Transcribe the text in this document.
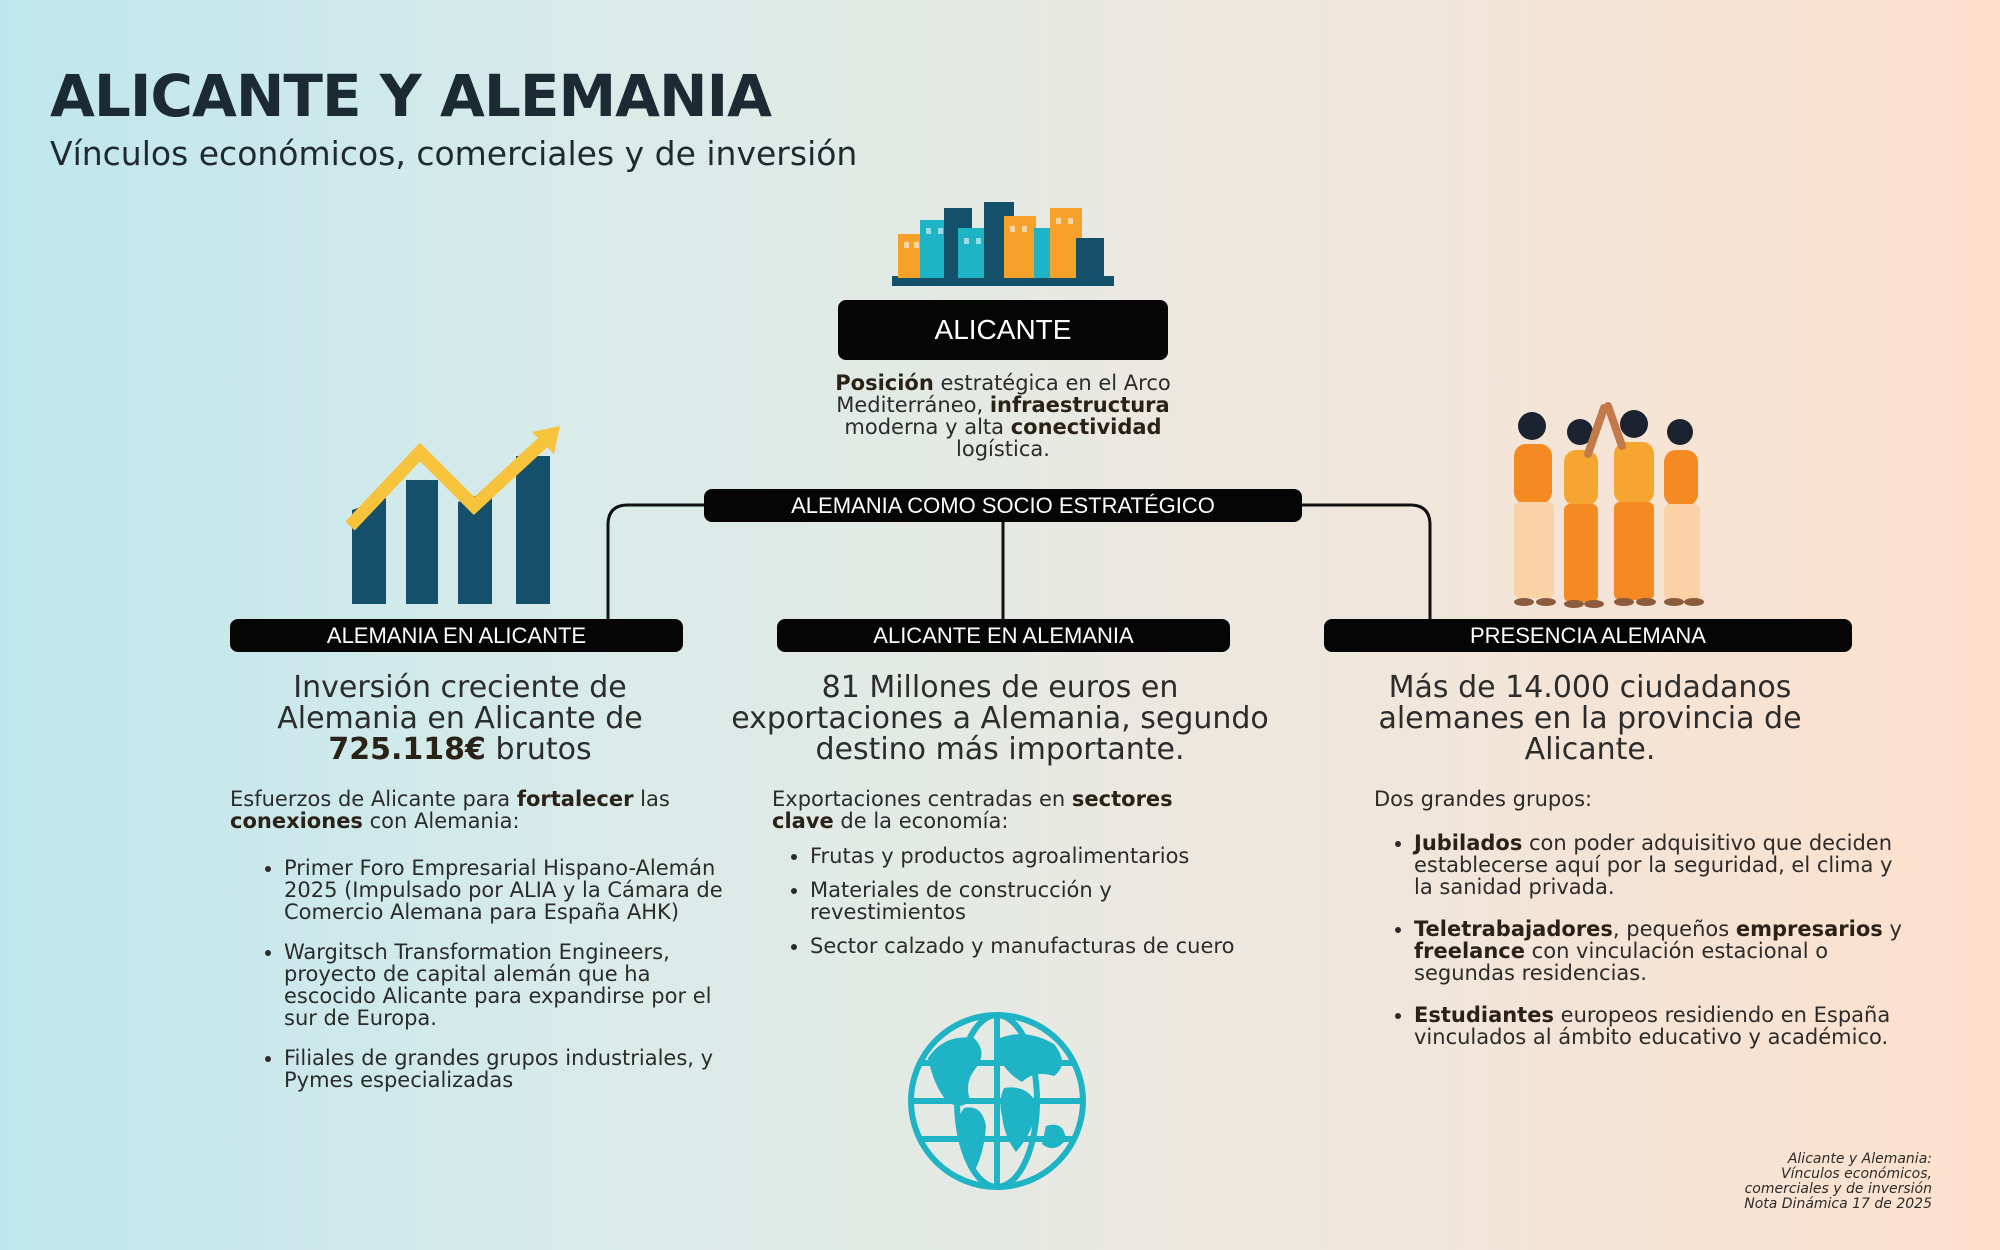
ALICANTE Y ALEMANIA

Vínculos económicos, comerciales y de inversión

ALICANTE
Posición estratégica en el Arco Mediterráneo, infraestructura moderna y alta conectividad logística.
ALEMANIA COMO SOCIO ESTRATÉGICO
ALEMANIA EN ALICANTE	ALICANTE EN ALEMANIA	PRESENCIA ALEMANA
Inversión creciente de Alemania en Alicante de 725.118€ brutos
81 Millones de euros en exportaciones a Alemania, segundo destino más importante.
Más de 14.000 ciudadanos alemanes en la provincia de Alicante.
Esfuerzos de Alicante para fortalecer las conexiones con Alemania:
Exportaciones centradas en sectores clave de la economía:
Dos grandes grupos:
• Primer Foro Empresarial Hispano-Alemán 2025 (Impulsado por ALIA y la Cámara de Comercio Alemana para España AHK)
• Wargitsch Transformation Engineers, proyecto de capital alemán que ha escocido Alicante para expandirse por el sur de Europa.
• Filiales de grandes grupos industriales, y Pymes especializadas
• Frutas y productos agroalimentarios
• Materiales de construcción y revestimientos
• Sector calzado y manufacturas de cuero
• Jubilados con poder adquisitivo que deciden establecerse aquí por la seguridad, el clima y la sanidad privada.
• Teletrabajadores, pequeños empresarios y freelance con vinculación estacional o segundas residencias.
• Estudiantes europeos residiendo en España vinculados al ámbito educativo y académico.
Alicante y Alemania:
Vínculos económicos,
comerciales y de inversión
Nota Dinámica 17 de 2025
